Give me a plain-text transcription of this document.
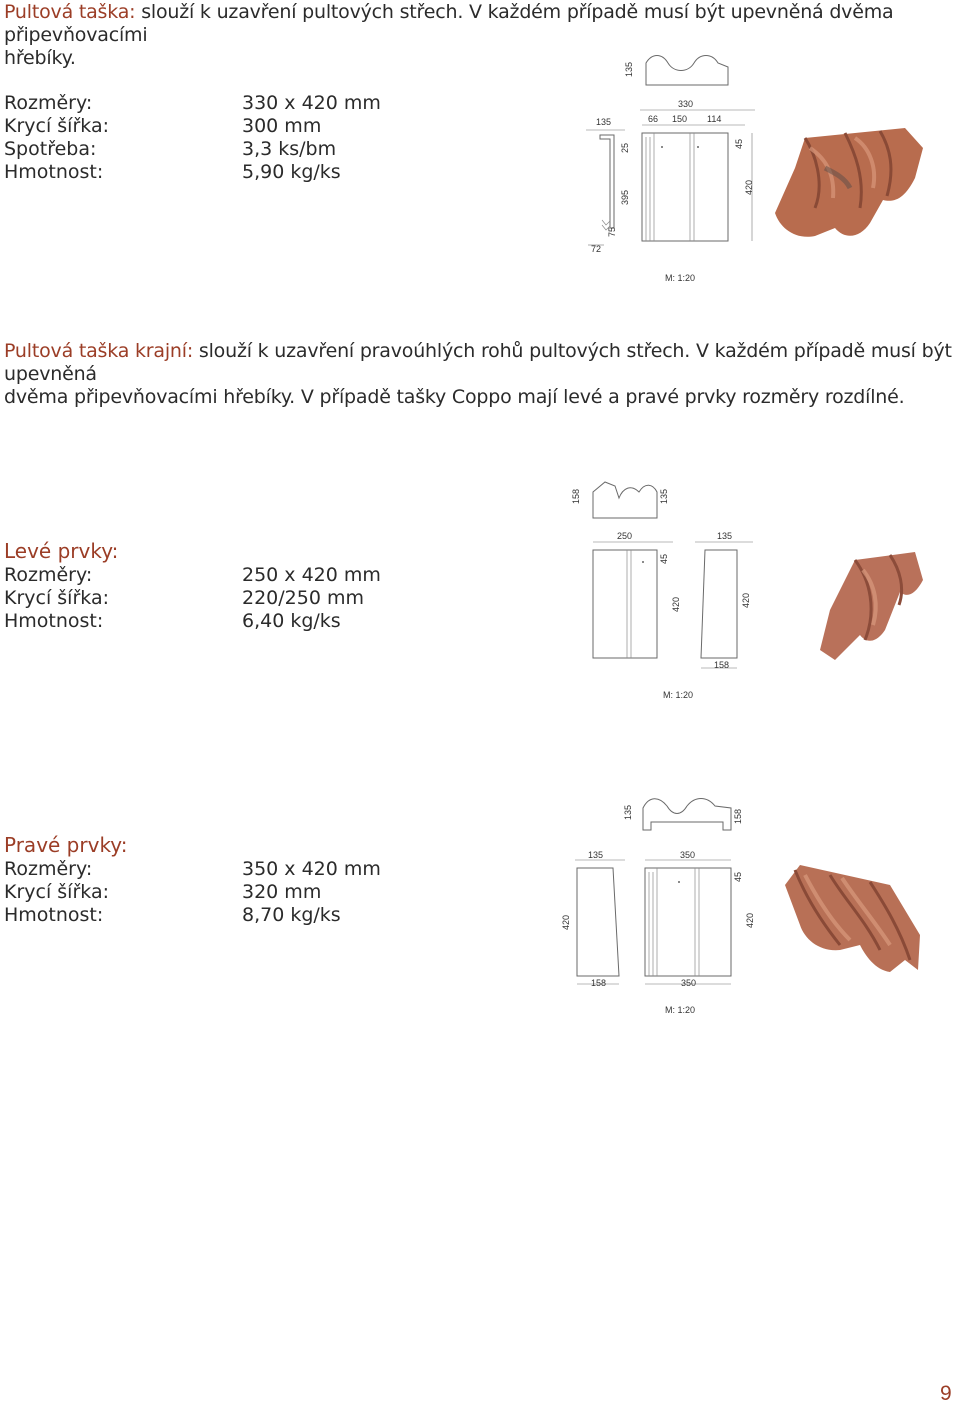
Pultová taška: slouží k uzavření pultových střech. V každém případě musí být upevněná dvěma připevňovacími
hřebíky.
Rozměry:	330 x 420 mm
Krycí šířka:	300 mm
Spotřeba:	3,3 ks/bm
Hmotnost:	5,90 kg/ks
135
330
135	66 150 114
25
395
75
72
45
420
M: 1:20
Pultová taška krajní: slouží k uzavření pravoúhlých rohů pultových střech. V každém případě musí být upevněná
dvěma připevňovacími hřebíky. V případě tašky Coppo mají levé a pravé prvky rozměry rozdílné.
Levé prvky:
Rozměry:	250 x 420 mm
Krycí šířka:	220/250 mm
Hmotnost:	6,40 kg/ks
158	135
250	135
45
420	420
158
M: 1:20
Pravé prvky:
Rozměry:	350 x 420 mm
Krycí šířka:	320 mm
Hmotnost:	8,70 kg/ks
135	158
135	350
420
45
420
158	350
M: 1:20
9
